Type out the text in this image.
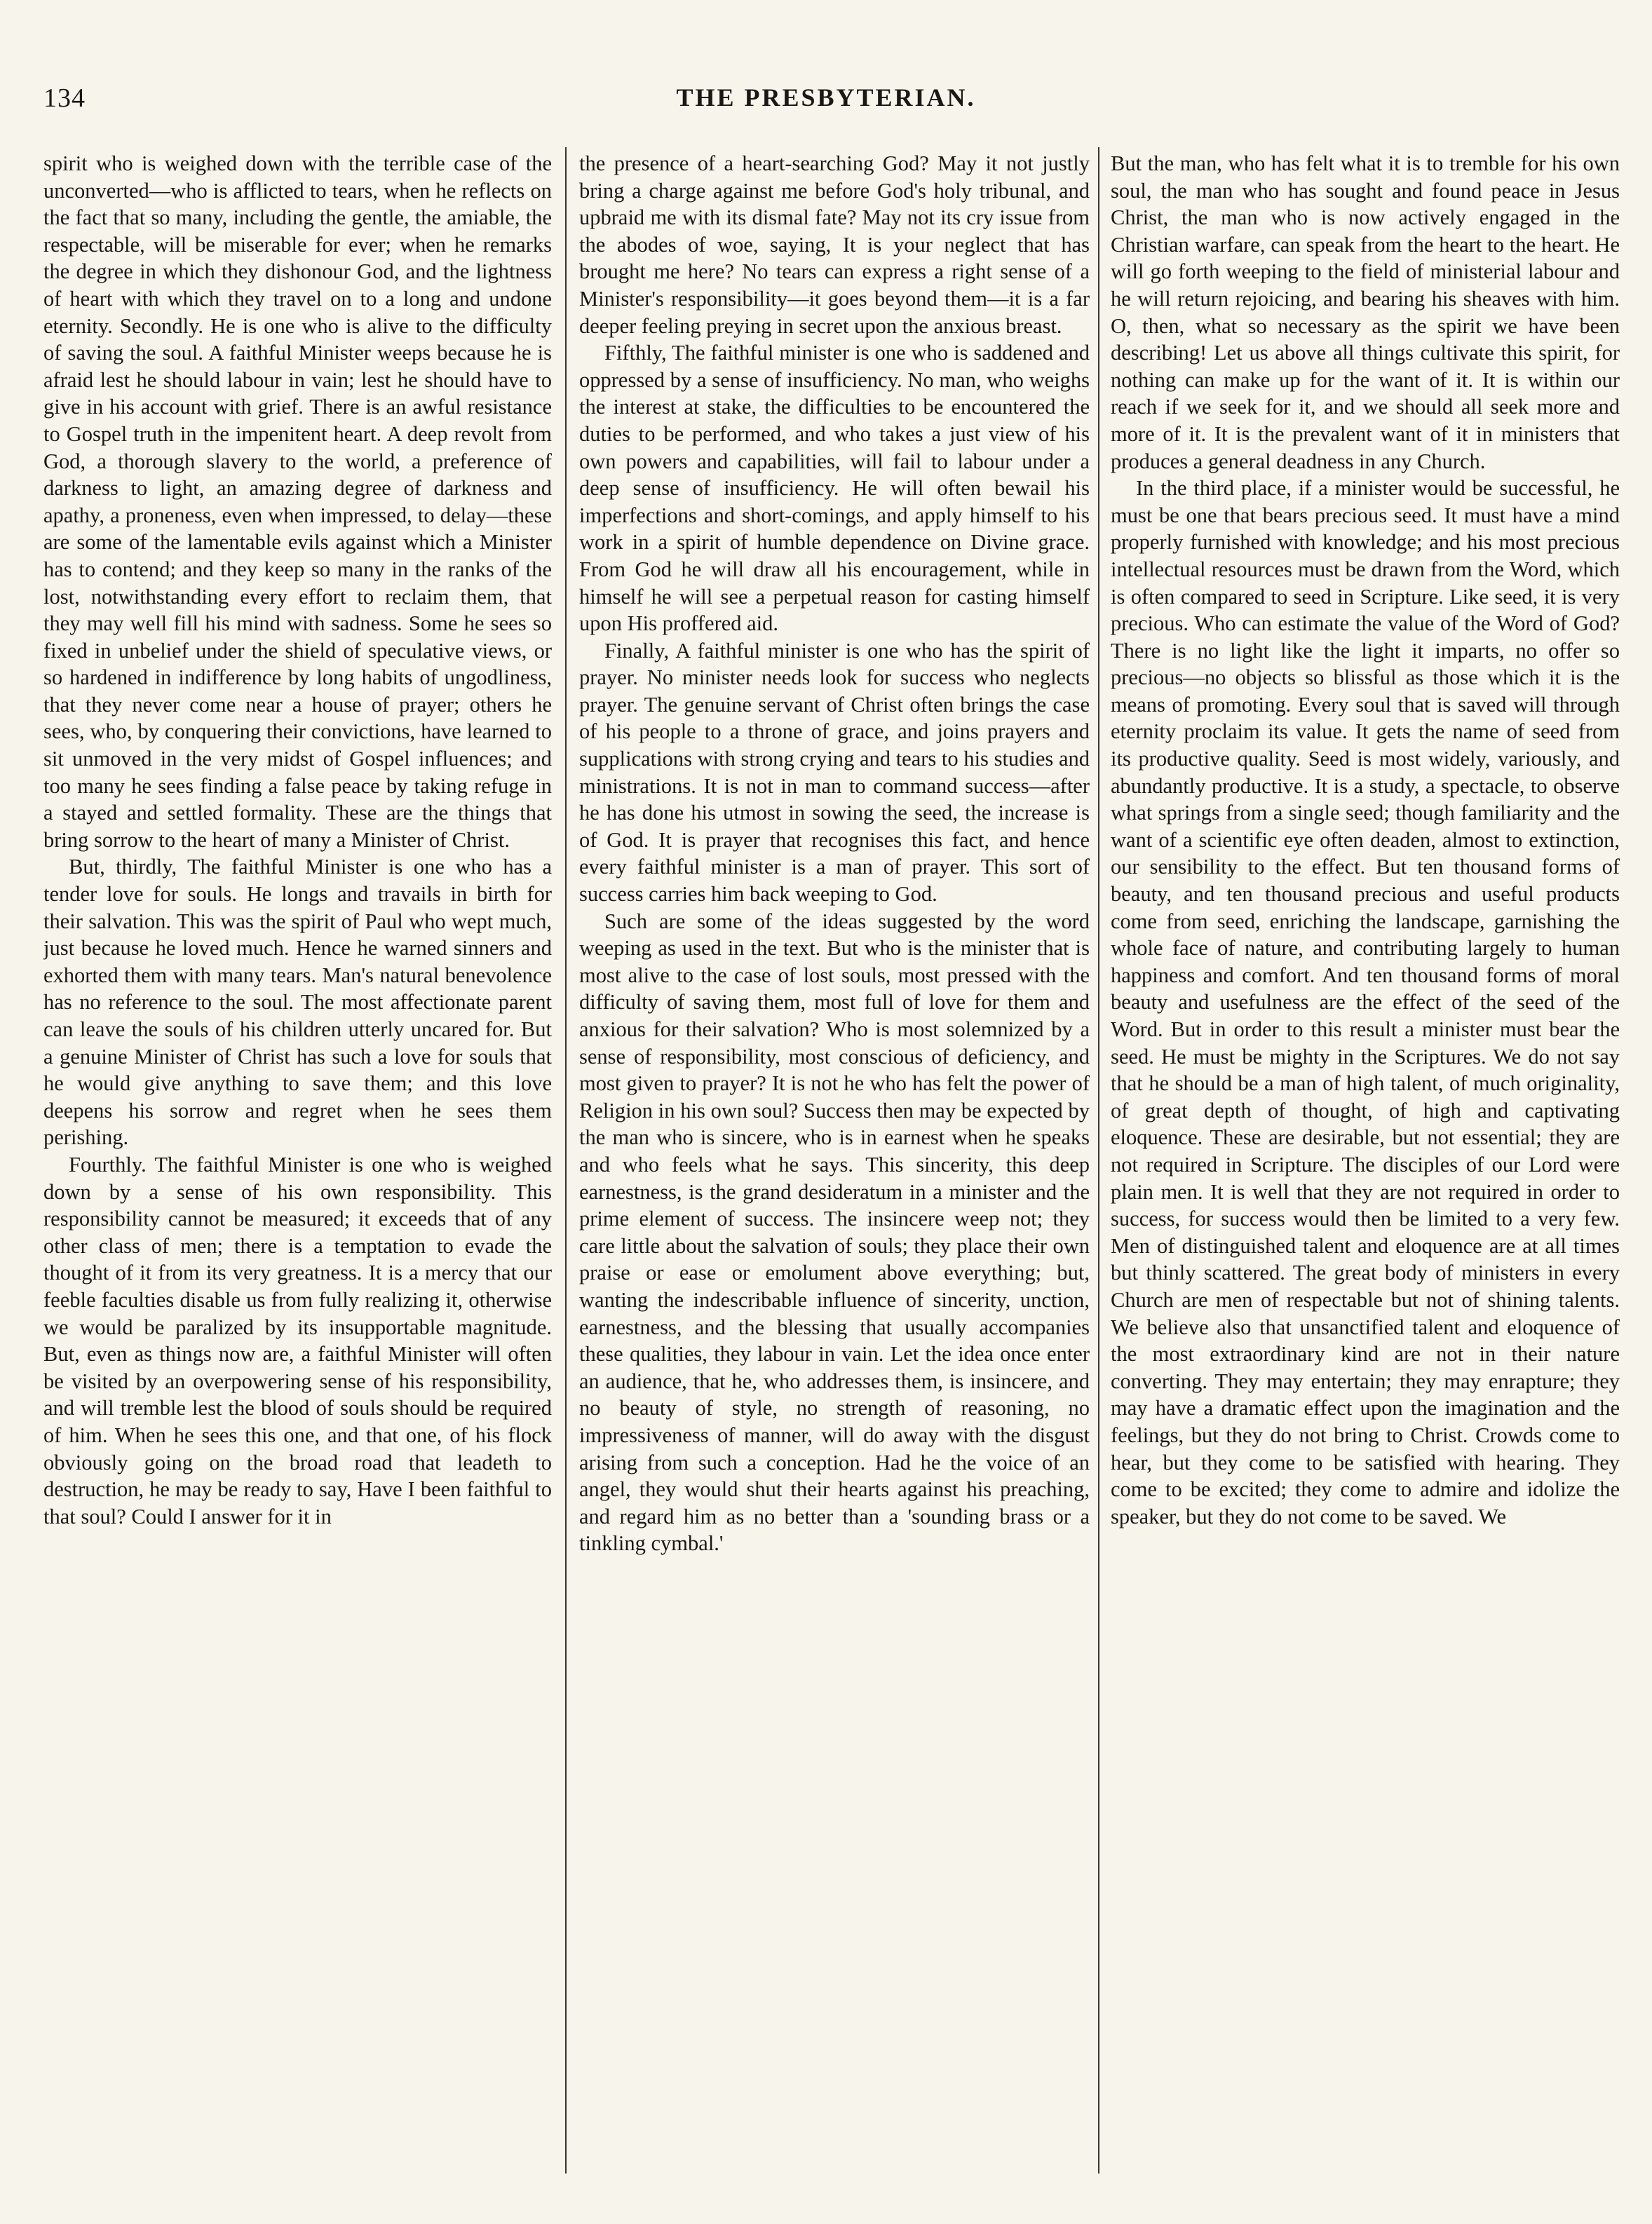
134	THE PRESBYTERIAN.

spirit who is weighed down with the terrible case of the unconverted—who is afflicted to tears, when he reflects on the fact that so many, including the gentle, the amiable, the respectable, will be miserable for ever; when he remarks the degree in which they dishonour God, and the lightness of heart with which they travel on to a long and undone eternity. Secondly. He is one who is alive to the difficulty of saving the soul. A faithful Minister weeps because he is afraid lest he should labour in vain; lest he should have to give in his account with grief. There is an awful resistance to Gospel truth in the impenitent heart. A deep revolt from God, a thorough slavery to the world, a preference of darkness to light, an amazing degree of darkness and apathy, a proneness, even when impressed, to delay—these are some of the lamentable evils against which a Minister has to contend; and they keep so many in the ranks of the lost, notwithstanding every effort to reclaim them, that they may well fill his mind with sadness. Some he sees so fixed in unbelief under the shield of speculative views, or so hardened in indifference by long habits of ungodliness, that they never come near a house of prayer; others he sees, who, by conquering their convictions, have learned to sit unmoved in the very midst of Gospel influences; and too many he sees finding a false peace by taking refuge in a stayed and settled formality. These are the things that bring sorrow to the heart of many a Minister of Christ.

But, thirdly, The faithful Minister is one who has a tender love for souls. He longs and travails in birth for their salvation. This was the spirit of Paul who wept much, just because he loved much. Hence he warned sinners and exhorted them with many tears. Man's natural benevolence has no reference to the soul. The most affectionate parent can leave the souls of his children utterly uncared for. But a genuine Minister of Christ has such a love for souls that he would give anything to save them; and this love deepens his sorrow and regret when he sees them perishing.

Fourthly. The faithful Minister is one who is weighed down by a sense of his own responsibility. This responsibility cannot be measured; it exceeds that of any other class of men; there is a temptation to evade the thought of it from its very greatness. It is a mercy that our feeble faculties disable us from fully realizing it, otherwise we would be paralized by its insupportable magnitude. But, even as things now are, a faithful Minister will often be visited by an overpowering sense of his responsibility, and will tremble lest the blood of souls should be required of him. When he sees this one, and that one, of his flock obviously going on the broad road that leadeth to destruction, he may be ready to say, Have I been faithful to that soul? Could I answer for it in

the presence of a heart-searching God? May it not justly bring a charge against me before God's holy tribunal, and upbraid me with its dismal fate? May not its cry issue from the abodes of woe, saying, It is your neglect that has brought me here? No tears can express a right sense of a Minister's responsibility—it goes beyond them—it is a far deeper feeling preying in secret upon the anxious breast.

Fifthly, The faithful minister is one who is saddened and oppressed by a sense of insufficiency. No man, who weighs the interest at stake, the difficulties to be encountered the duties to be performed, and who takes a just view of his own powers and capabilities, will fail to labour under a deep sense of insufficiency. He will often bewail his imperfections and short-comings, and apply himself to his work in a spirit of humble dependence on Divine grace. From God he will draw all his encouragement, while in himself he will see a perpetual reason for casting himself upon His proffered aid.

Finally, A faithful minister is one who has the spirit of prayer. No minister needs look for success who neglects prayer. The genuine servant of Christ often brings the case of his people to a throne of grace, and joins prayers and supplications with strong crying and tears to his studies and ministrations. It is not in man to command success—after he has done his utmost in sowing the seed, the increase is of God. It is prayer that recognises this fact, and hence every faithful minister is a man of prayer. This sort of success carries him back weeping to God.

Such are some of the ideas suggested by the word weeping as used in the text. But who is the minister that is most alive to the case of lost souls, most pressed with the difficulty of saving them, most full of love for them and anxious for their salvation? Who is most solemnized by a sense of responsibility, most conscious of deficiency, and most given to prayer? It is not he who has felt the power of Religion in his own soul? Success then may be expected by the man who is sincere, who is in earnest when he speaks and who feels what he says. This sincerity, this deep earnestness, is the grand desideratum in a minister and the prime element of success. The insincere weep not; they care little about the salvation of souls; they place their own praise or ease or emolument above everything; but, wanting the indescribable influence of sincerity, unction, earnestness, and the blessing that usually accompanies these qualities, they labour in vain. Let the idea once enter an audience, that he, who addresses them, is insincere, and no beauty of style, no strength of reasoning, no impressiveness of manner, will do away with the disgust arising from such a conception. Had he the voice of an angel, they would shut their hearts against his preaching, and regard him as no better than a 'sounding brass or a tinkling cymbal.'

But the man, who has felt what it is to tremble for his own soul, the man who has sought and found peace in Jesus Christ, the man who is now actively engaged in the Christian warfare, can speak from the heart to the heart. He will go forth weeping to the field of ministerial labour and he will return rejoicing, and bearing his sheaves with him. O, then, what so necessary as the spirit we have been describing! Let us above all things cultivate this spirit, for nothing can make up for the want of it. It is within our reach if we seek for it, and we should all seek more and more of it. It is the prevalent want of it in ministers that produces a general deadness in any Church.

In the third place, if a minister would be successful, he must be one that bears precious seed. It must have a mind properly furnished with knowledge; and his most precious intellectual resources must be drawn from the Word, which is often compared to seed in Scripture. Like seed, it is very precious. Who can estimate the value of the Word of God? There is no light like the light it imparts, no offer so precious—no objects so blissful as those which it is the means of promoting. Every soul that is saved will through eternity proclaim its value. It gets the name of seed from its productive quality. Seed is most widely, variously, and abundantly productive. It is a study, a spectacle, to observe what springs from a single seed; though familiarity and the want of a scientific eye often deaden, almost to extinction, our sensibility to the effect. But ten thousand forms of beauty, and ten thousand precious and useful products come from seed, enriching the landscape, garnishing the whole face of nature, and contributing largely to human happiness and comfort. And ten thousand forms of moral beauty and usefulness are the effect of the seed of the Word. But in order to this result a minister must bear the seed. He must be mighty in the Scriptures. We do not say that he should be a man of high talent, of much originality, of great depth of thought, of high and captivating eloquence. These are desirable, but not essential; they are not required in Scripture. The disciples of our Lord were plain men. It is well that they are not required in order to success, for success would then be limited to a very few. Men of distinguished talent and eloquence are at all times but thinly scattered. The great body of ministers in every Church are men of respectable but not of shining talents. We believe also that unsanctified talent and eloquence of the most extraordinary kind are not in their nature converting. They may entertain; they may enrapture; they may have a dramatic effect upon the imagination and the feelings, but they do not bring to Christ. Crowds come to hear, but they come to be satisfied with hearing. They come to be excited; they come to admire and idolize the speaker, but they do not come to be saved. We
